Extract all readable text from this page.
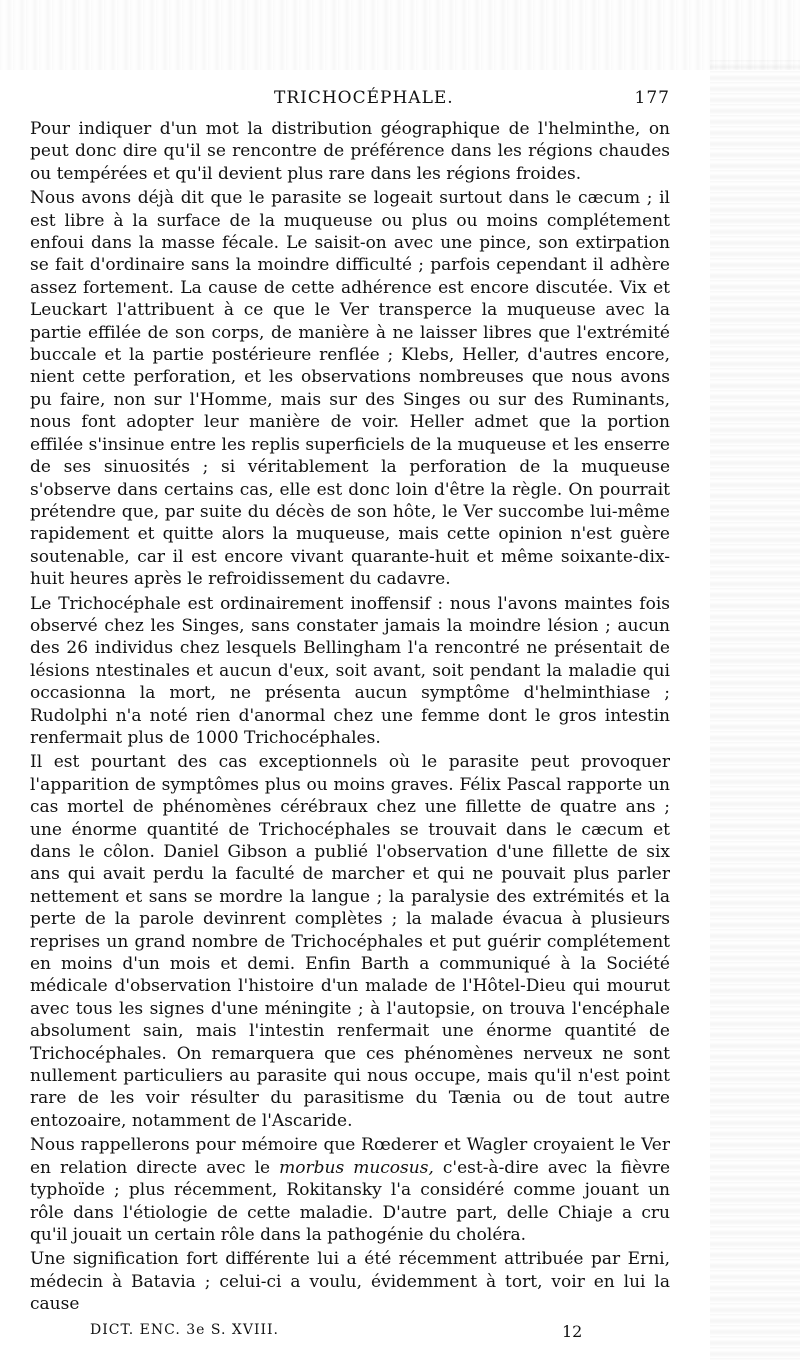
TRICHOCÉPHALE.	177

Pour indiquer d'un mot la distribution géographique de l'helminthe, on peut donc dire qu'il se rencontre de préférence dans les régions chaudes ou tempérées et qu'il devient plus rare dans les régions froides.

Nous avons déjà dit que le parasite se logeait surtout dans le cæcum ; il est libre à la surface de la muqueuse ou plus ou moins complétement enfoui dans la masse fécale. Le saisit-on avec une pince, son extirpation se fait d'ordinaire sans la moindre difficulté ; parfois cependant il adhère assez fortement. La cause de cette adhérence est encore discutée. Vix et Leuckart l'attribuent à ce que le Ver transperce la muqueuse avec la partie effilée de son corps, de manière à ne laisser libres que l'extrémité buccale et la partie postérieure renflée ; Klebs, Heller, d'autres encore, nient cette perforation, et les observations nombreuses que nous avons pu faire, non sur l'Homme, mais sur des Singes ou sur des Ruminants, nous font adopter leur manière de voir. Heller admet que la portion effilée s'insinue entre les replis superficiels de la muqueuse et les enserre de ses sinuosités ; si véritablement la perforation de la muqueuse s'observe dans certains cas, elle est donc loin d'être la règle. On pourrait prétendre que, par suite du décès de son hôte, le Ver succombe lui-même rapidement et quitte alors la muqueuse, mais cette opinion n'est guère soutenable, car il est encore vivant quarante-huit et même soixante-dix-huit heures après le refroidissement du cadavre.

Le Trichocéphale est ordinairement inoffensif : nous l'avons maintes fois observé chez les Singes, sans constater jamais la moindre lésion ; aucun des 26 individus chez lesquels Bellingham l'a rencontré ne présentait de lésions ntestinales et aucun d'eux, soit avant, soit pendant la maladie qui occasionna la mort, ne présenta aucun symptôme d'helminthiase ; Rudolphi n'a noté rien d'anormal chez une femme dont le gros intestin renfermait plus de 1000 Trichocéphales.

Il est pourtant des cas exceptionnels où le parasite peut provoquer l'apparition de symptômes plus ou moins graves. Félix Pascal rapporte un cas mortel de phénomènes cérébraux chez une fillette de quatre ans ; une énorme quantité de Trichocéphales se trouvait dans le cæcum et dans le côlon. Daniel Gibson a publié l'observation d'une fillette de six ans qui avait perdu la faculté de marcher et qui ne pouvait plus parler nettement et sans se mordre la langue ; la paralysie des extrémités et la perte de la parole devinrent complètes ; la malade évacua à plusieurs reprises un grand nombre de Trichocéphales et put guérir complétement en moins d'un mois et demi. Enfin Barth a communiqué à la Société médicale d'observation l'histoire d'un malade de l'Hôtel-Dieu qui mourut avec tous les signes d'une méningite ; à l'autopsie, on trouva l'encéphale absolument sain, mais l'intestin renfermait une énorme quantité de Trichocéphales. On remarquera que ces phénomènes nerveux ne sont nullement particuliers au parasite qui nous occupe, mais qu'il n'est point rare de les voir résulter du parasitisme du Tænia ou de tout autre entozoaire, notamment de l'Ascaride.

Nous rappellerons pour mémoire que Rœderer et Wagler croyaient le Ver en relation directe avec le morbus mucosus, c'est-à-dire avec la fièvre typhoïde ; plus récemment, Rokitansky l'a considéré comme jouant un rôle dans l'étiologie de cette maladie. D'autre part, delle Chiaje a cru qu'il jouait un certain rôle dans la pathogénie du choléra.

Une signification fort différente lui a été récemment attribuée par Erni, médecin à Batavia ; celui-ci a voulu, évidemment à tort, voir en lui la cause

DICT. ENC. 3e S. XVIII.	12
